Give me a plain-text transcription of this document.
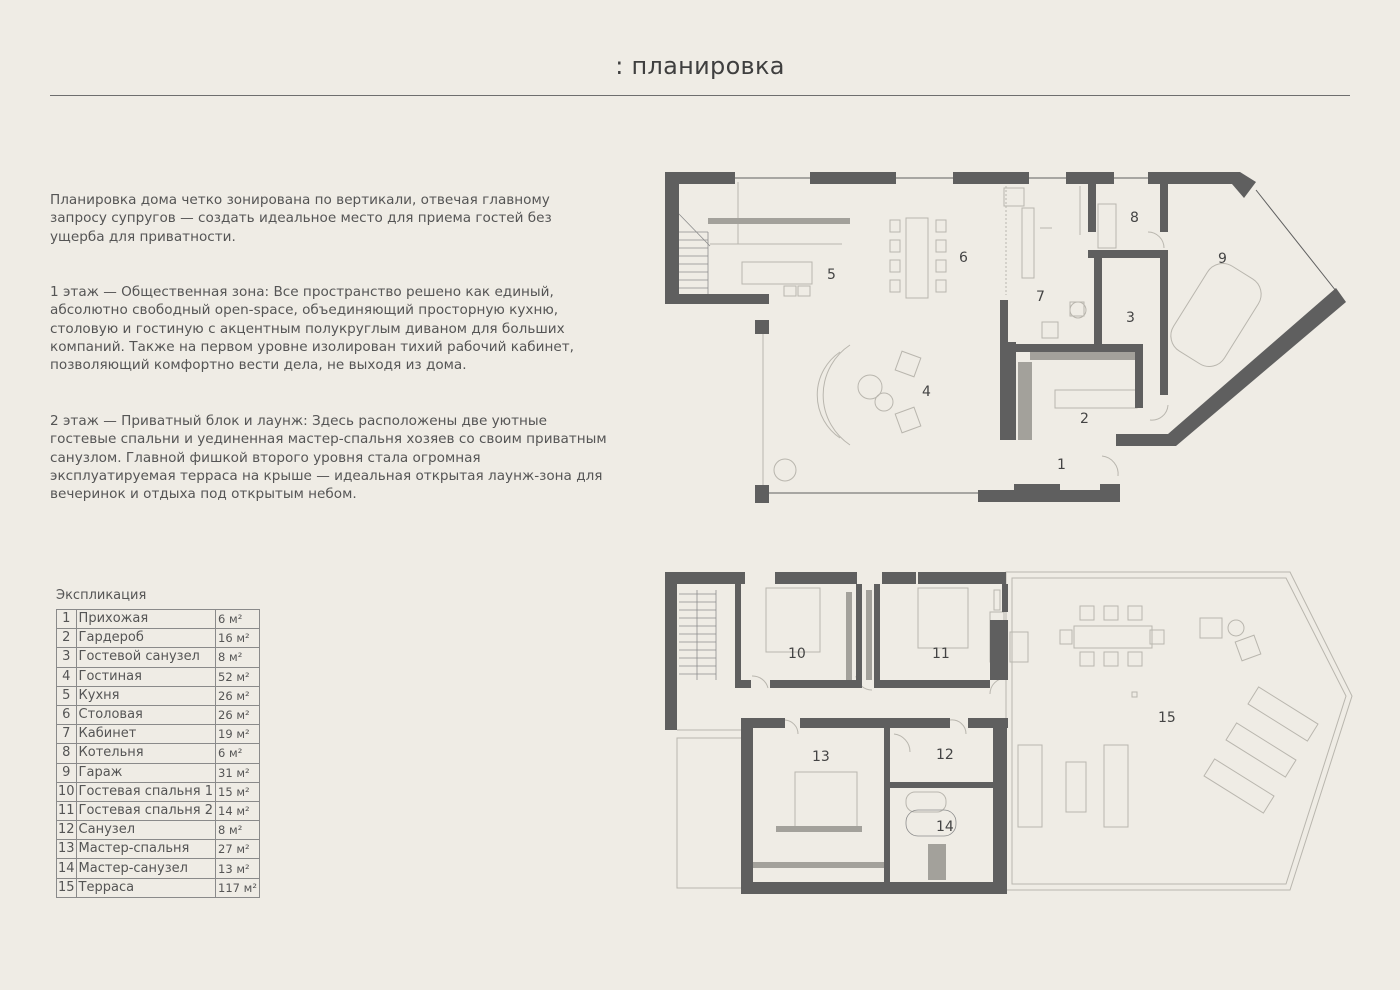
: планировка

Планировка дома четко зонирована по вертикали, отвечая главному запросу супругов — создать идеальное место для приема гостей без ущерба для приватности.

1 этаж — Общественная зона: Все пространство решено как единый, абсолютно свободный open-space, объединяющий просторную кухню, столовую и гостиную с акцентным полукруглым диваном для больших компаний. Также на первом уровне изолирован тихий рабочий кабинет, позволяющий комфортно вести дела, не выходя из дома.

2 этаж — Приватный блок и лаунж: Здесь расположены две уютные гостевые спальни и уединенная мастер-спальня хозяев со своим приватным санузлом. Главной фишкой второго уровня стала огромная эксплуатируемая терраса на крыше — идеальная открытая лаунж-зона для вечеринок и отдыха под открытым небом.

Экспликация
1	Прихожая	6 м²
2	Гардероб	16 м²
3	Гостевой санузел	8 м²
4	Гостиная	52 м²
5	Кухня	26 м²
6	Столовая	26 м²
7	Кабинет	19 м²
8	Котельня	6 м²
9	Гараж	31 м²
10	Гостевая спальня 1	15 м²
11	Гостевая спальня 2	14 м²
12	Санузел	8 м²
13	Мастер-спальня	27 м²
14	Мастер-санузел	13 м²
15	Терраса	117 м²
1
2
3
4
5
6
7
8
9
10	11
12
13
14
15
